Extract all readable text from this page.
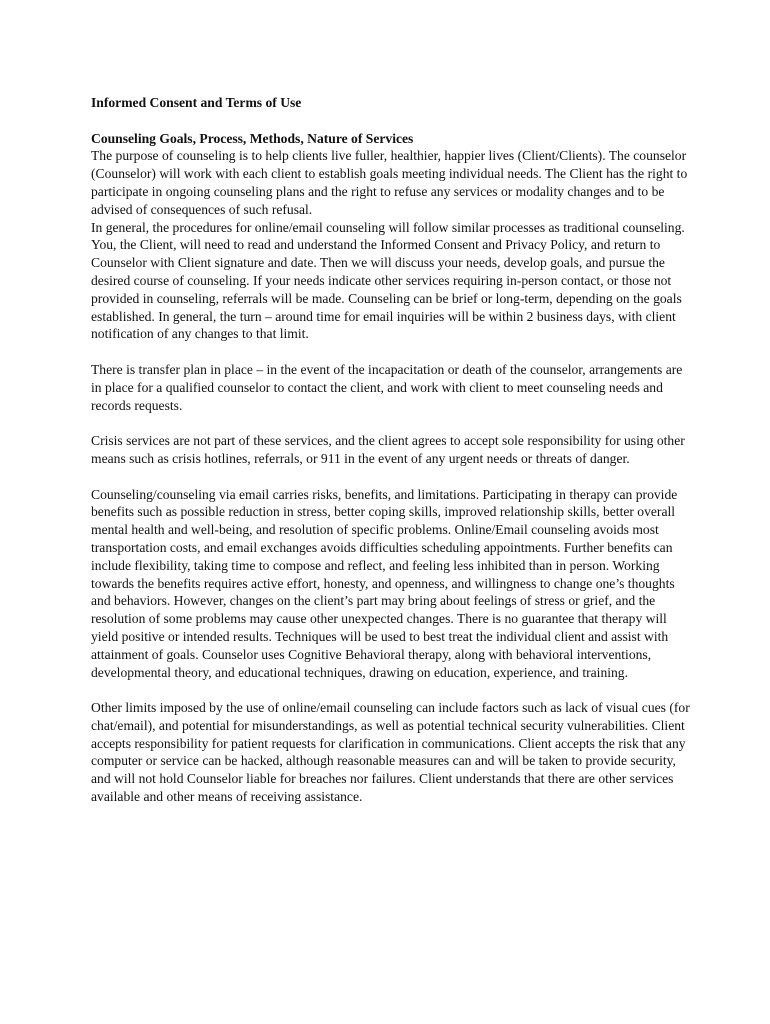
Informed Consent and Terms of Use

Counseling Goals, Process, Methods, Nature of Services

The purpose of counseling is to help clients live fuller, healthier, happier lives (Client/Clients). The counselor (Counselor) will work with each client to establish goals meeting individual needs. The Client has the right to participate in ongoing counseling plans and the right to refuse any services or modality changes and to be advised of consequences of such refusal.

In general, the procedures for online/email counseling will follow similar processes as traditional counseling. You, the Client, will need to read and understand the Informed Consent and Privacy Policy, and return to Counselor with Client signature and date. Then we will discuss your needs, develop goals, and pursue the desired course of counseling. If your needs indicate other services requiring in-person contact, or those not provided in counseling, referrals will be made. Counseling can be brief or long-term, depending on the goals established. In general, the turn – around time for email inquiries will be within 2 business days, with client notification of any changes to that limit.

There is transfer plan in place – in the event of the incapacitation or death of the counselor, arrangements are in place for a qualified counselor to contact the client, and work with client to meet counseling needs and records requests.

Crisis services are not part of these services, and the client agrees to accept sole responsibility for using other means such as crisis hotlines, referrals, or 911 in the event of any urgent needs or threats of danger.

Counseling/counseling via email carries risks, benefits, and limitations. Participating in therapy can provide benefits such as possible reduction in stress, better coping skills, improved relationship skills, better overall mental health and well-being, and resolution of specific problems. Online/Email counseling avoids most transportation costs, and email exchanges avoids difficulties scheduling appointments. Further benefits can include flexibility, taking time to compose and reflect, and feeling less inhibited than in person. Working towards the benefits requires active effort, honesty, and openness, and willingness to change one’s thoughts and behaviors. However, changes on the client’s part may bring about feelings of stress or grief, and the resolution of some problems may cause other unexpected changes. There is no guarantee that therapy will yield positive or intended results. Techniques will be used to best treat the individual client and assist with attainment of goals. Counselor uses Cognitive Behavioral therapy, along with behavioral interventions, developmental theory, and educational techniques, drawing on education, experience, and training.

Other limits imposed by the use of online/email counseling can include factors such as lack of visual cues (for chat/email), and potential for misunderstandings, as well as potential technical security vulnerabilities. Client accepts responsibility for patient requests for clarification in communications. Client accepts the risk that any computer or service can be hacked, although reasonable measures can and will be taken to provide security, and will not hold Counselor liable for breaches nor failures. Client understands that there are other services available and other means of receiving assistance.
